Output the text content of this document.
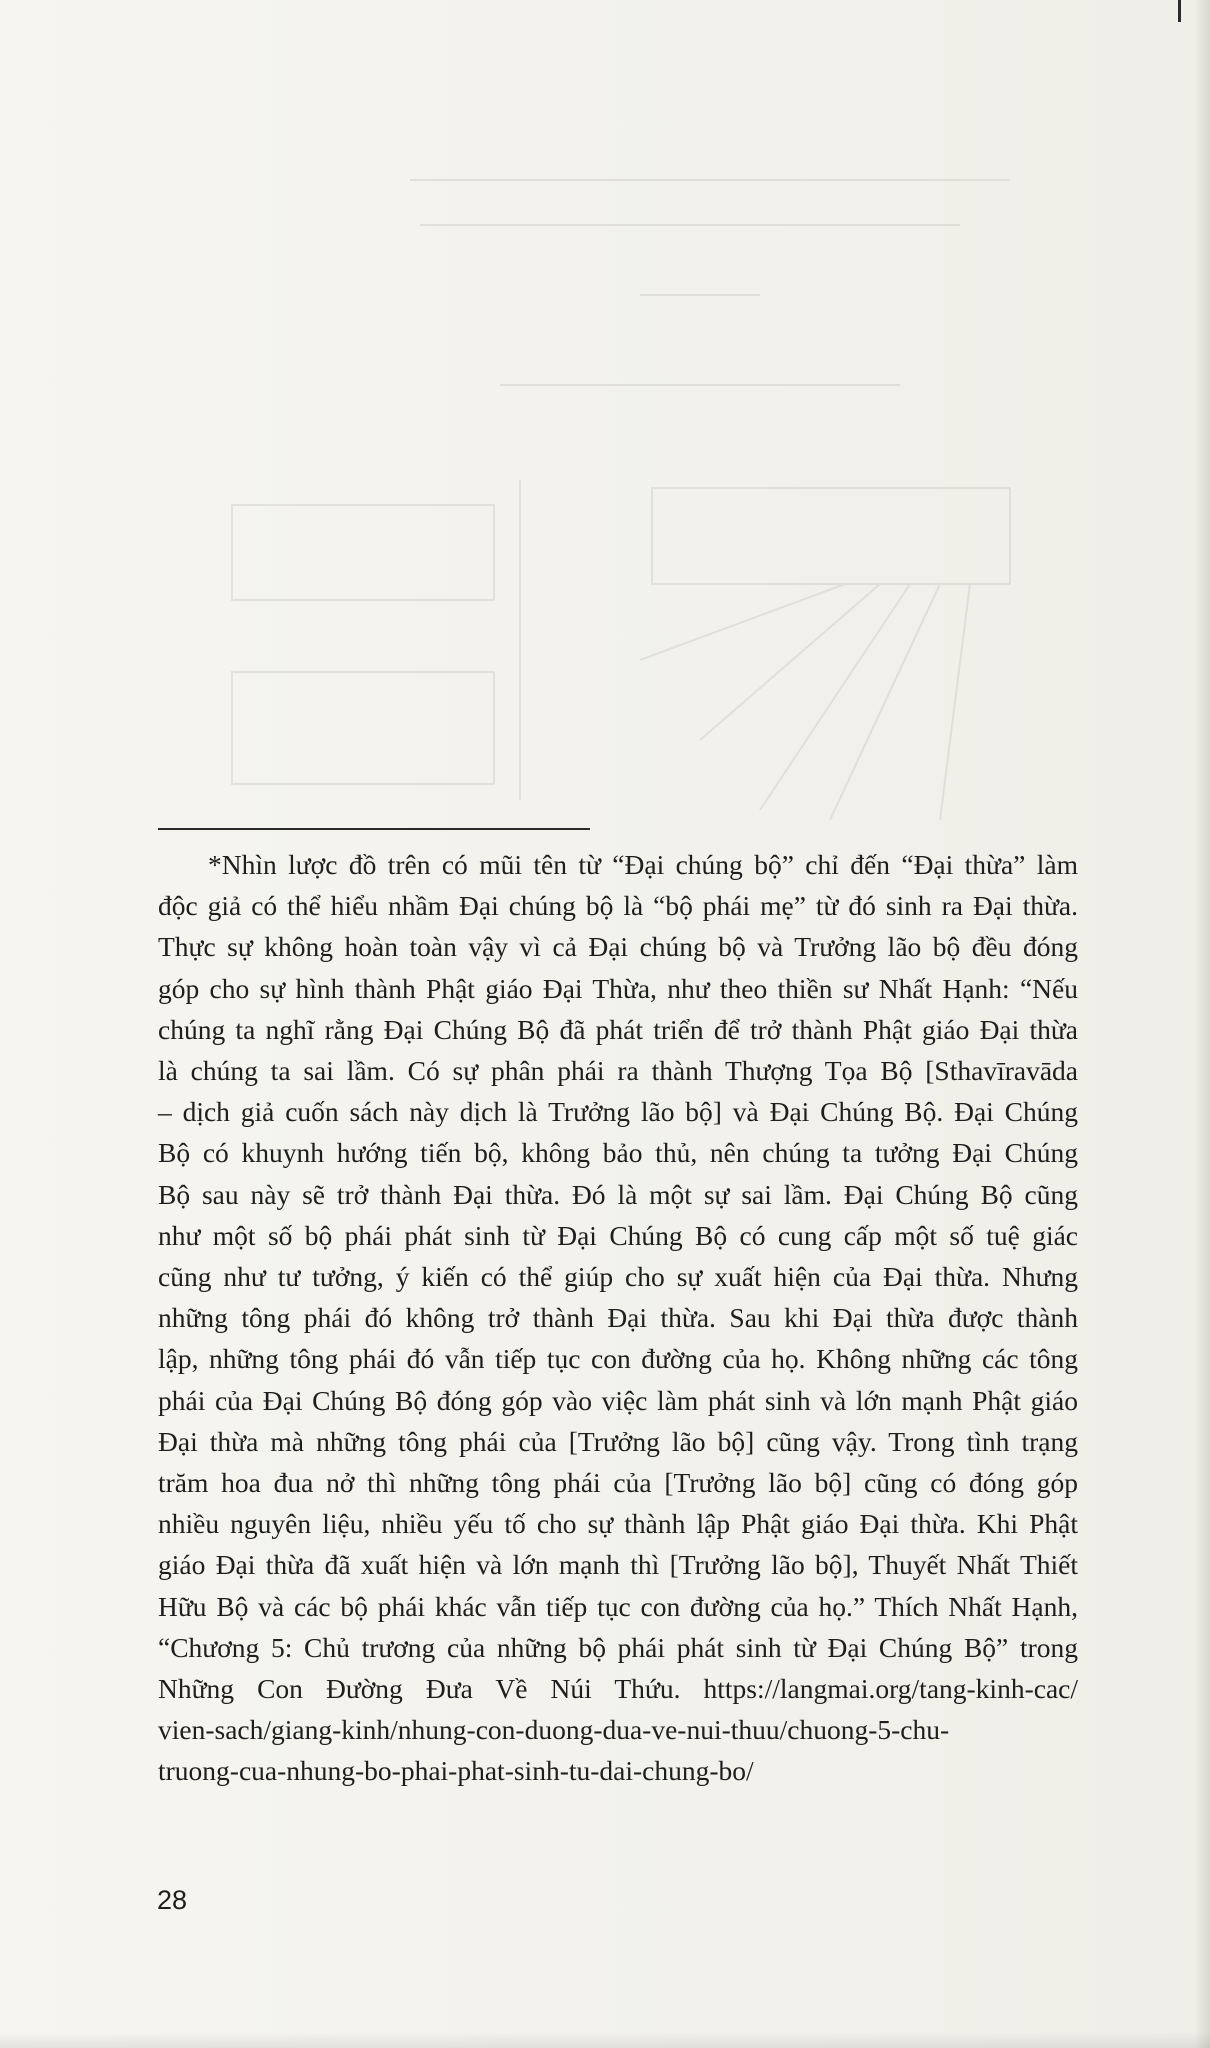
*Nhìn lược đồ trên có mũi tên từ “Đại chúng bộ” chỉ đến “Đại thừa” làm
độc giả có thể hiểu nhầm Đại chúng bộ là “bộ phái mẹ” từ đó sinh ra Đại thừa.
Thực sự không hoàn toàn vậy vì cả Đại chúng bộ và Trưởng lão bộ đều đóng
góp cho sự hình thành Phật giáo Đại Thừa, như theo thiền sư Nhất Hạnh: “Nếu
chúng ta nghĩ rằng Đại Chúng Bộ đã phát triển để trở thành Phật giáo Đại thừa
là chúng ta sai lầm. Có sự phân phái ra thành Thượng Tọa Bộ [Sthavīravāda
– dịch giả cuốn sách này dịch là Trưởng lão bộ] và Đại Chúng Bộ. Đại Chúng
Bộ có khuynh hướng tiến bộ, không bảo thủ, nên chúng ta tưởng Đại Chúng
Bộ sau này sẽ trở thành Đại thừa. Đó là một sự sai lầm. Đại Chúng Bộ cũng
như một số bộ phái phát sinh từ Đại Chúng Bộ có cung cấp một số tuệ giác
cũng như tư tưởng, ý kiến có thể giúp cho sự xuất hiện của Đại thừa. Nhưng
những tông phái đó không trở thành Đại thừa. Sau khi Đại thừa được thành
lập, những tông phái đó vẫn tiếp tục con đường của họ. Không những các tông
phái của Đại Chúng Bộ đóng góp vào việc làm phát sinh và lớn mạnh Phật giáo
Đại thừa mà những tông phái của [Trưởng lão bộ] cũng vậy. Trong tình trạng
trăm hoa đua nở thì những tông phái của [Trưởng lão bộ] cũng có đóng góp
nhiều nguyên liệu, nhiều yếu tố cho sự thành lập Phật giáo Đại thừa. Khi Phật
giáo Đại thừa đã xuất hiện và lớn mạnh thì [Trưởng lão bộ], Thuyết Nhất Thiết
Hữu Bộ và các bộ phái khác vẫn tiếp tục con đường của họ.” Thích Nhất Hạnh,
“Chương 5: Chủ trương của những bộ phái phát sinh từ Đại Chúng Bộ” trong
Những Con Đường Đưa Về Núi Thứu. https://langmai.org/tang-kinh-cac/
vien-sach/giang-kinh/nhung-con-duong-dua-ve-nui-thuu/chuong-5-chu-
truong-cua-nhung-bo-phai-phat-sinh-tu-dai-chung-bo/

28
